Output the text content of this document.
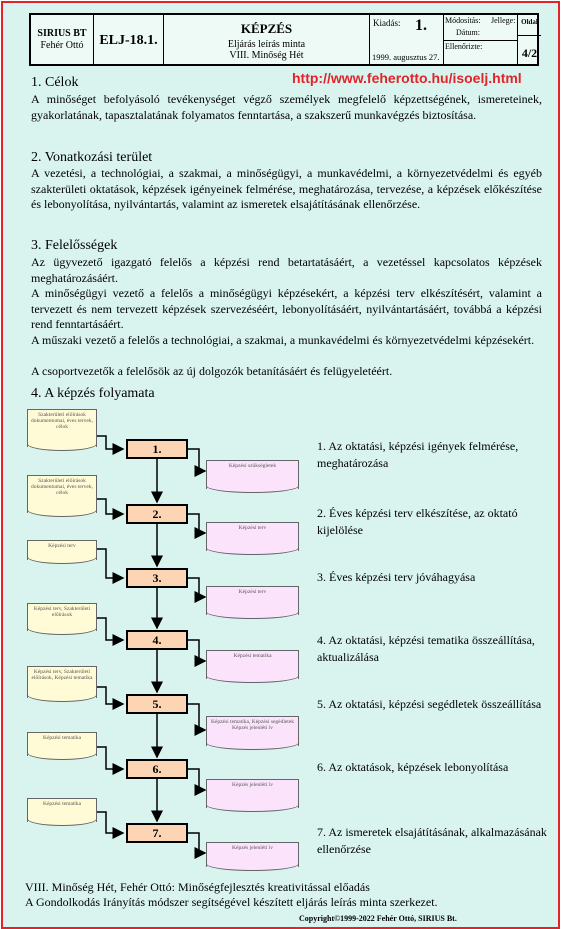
SIRIUS BT
Fehér Ottó	ELJ-18.1.
KÉPZÉS
Eljárás leírás minta
VIII. Minőség Hét
Kiadás: 1.
1999. augusztus 27.
Módosítás: Jellege:
Dátum:
Ellenőrizte:
Oldal
4/2
http://www.feherotto.hu/isoelj.html
1. Célok
A minőséget befolyásoló tevékenységet végző személyek megfelelő képzettségének, ismereteinek, gyakorlatának, tapasztalatának folyamatos fenntartása, a szakszerű munkavégzés biztosítása.
2. Vonatkozási terület
A vezetési, a technológiai, a szakmai, a minőségügyi, a munkavédelmi, a környezetvédelmi és egyéb szakterületi oktatások, képzések igényeinek felmérése, meghatározása, tervezése, a képzések előkészítése és lebonyolítása, nyilvántartás, valamint az ismeretek elsajátításának ellenőrzése.
3. Felelősségek
Az ügyvezető igazgató felelős a képzési rend betartatásáért, a vezetéssel kapcsolatos képzések meghatározásáért.
A minőségügyi vezető a felelős a minőségügyi képzésekért, a képzési terv elkészítésért, valamint a tervezett és nem tervezett képzések szervezéséért, lebonyolításáért, nyilvántartásáért, továbbá a képzési rend fenntartásáért.
A műszaki vezető a felelős a technológiai, a szakmai, a munkavédelmi és környezetvédelmi képzésekért.
A csoportvezetők a felelősök az új dolgozók betanításáért és felügyeletéért.
4. A képzés folyamata
Szakterületi előírások dokumentumai, éves tervek, célok
Szakterületi előírások dokumentumai, éves tervek, célok
Képzési terv
Képzési terv, Szakterületi előírások
Képzési terv, Szakterületi előírások, Képzési tematika
Képzési tematika
Képzési tematika
1.
2.
3.
4.
5.
6.
7.
Képzési szükségletek
Képzési terv
Képzési terv
Képzési tematika
Képzési tematika, Képzési segédletek Képzés jelenléti ív
Képzés jelenléti ív
Képzés jelenléti ív
1. Az oktatási, képzési igények felmérése, meghatározása
2. Éves képzési terv elkészítése, az oktató kijelölése
3. Éves képzési terv jóváhagyása
4. Az oktatási, képzési tematika összeállítása, aktualizálása
5. Az oktatási, képzési segédletek összeállítása
6. Az oktatások, képzések lebonyolítása
7. Az ismeretek elsajátításának, alkalmazásának ellenőrzése
VIII. Minőség Hét, Fehér Ottó: Minőségfejlesztés kreativitással előadás
A Gondolkodás Irányítás módszer segítségével készített eljárás leírás minta szerkezet.
Copyright©1999-2022 Fehér Ottó, SIRIUS Bt.
